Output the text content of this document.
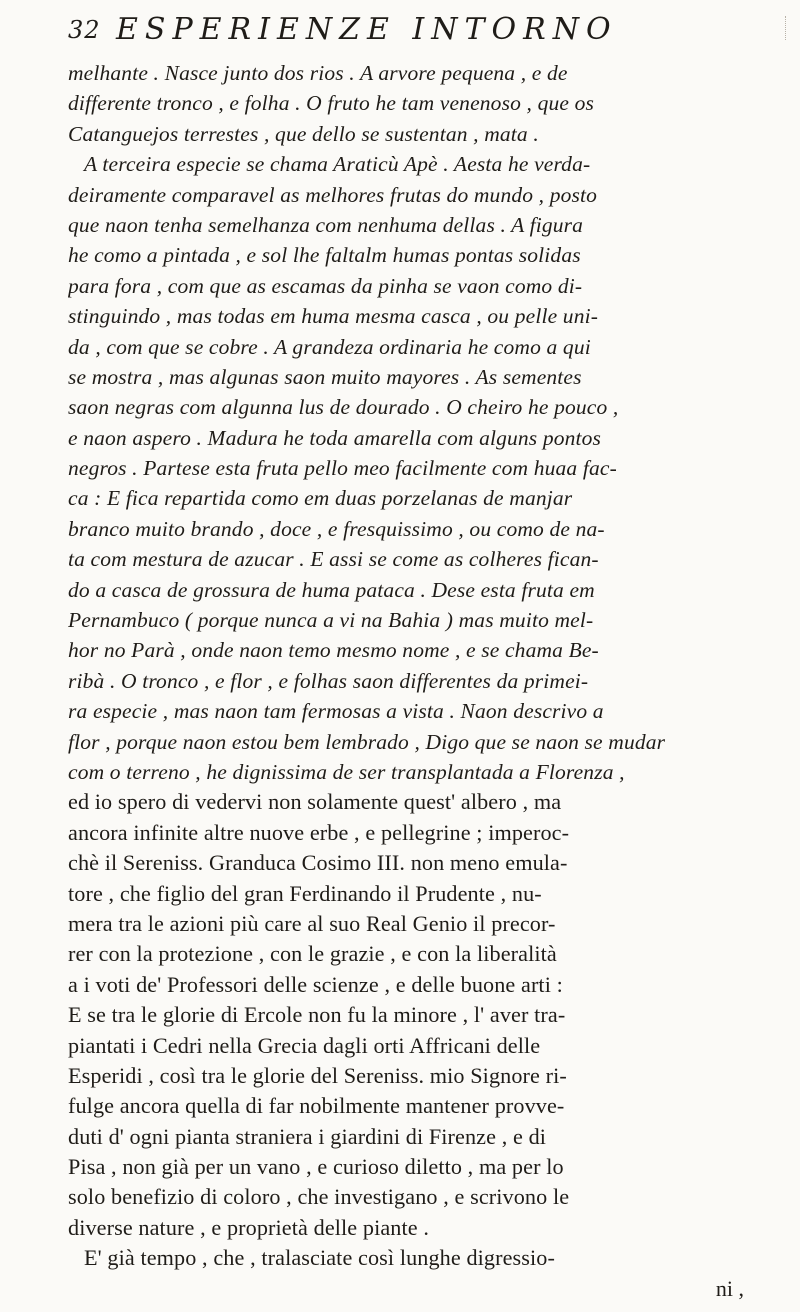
32 ESPERIENZE INTORNO
melhante . Nasce junto dos rios . A arvore pequena , e de
differente tronco , e folha . O fruto he tam venenoso , que os
Catanguejos terrestes , que dello se sustentan , mata .
A terceira especie se chama Araticù Apè . Aesta he verda-
deiramente comparavel as melhores frutas do mundo , posto
que naon tenha semelhanza com nenhuma dellas . A figura
he como a pintada , e sol lhe faltalm humas pontas solidas
para fora , com que as escamas da pinha se vaon como di-
stinguindo , mas todas em huma mesma casca , ou pelle uni-
da , com que se cobre . A grandeza ordinaria he como a qui
se mostra , mas algunas saon muito mayores . As sementes
saon negras com algunna lus de dourado . O cheiro he pouco ,
e naon aspero . Madura he toda amarella com alguns pontos
negros . Partese esta fruta pello meo facilmente com huaa fac-
ca : E fica repartida como em duas porzelanas de manjar
branco muito brando , doce , e fresquissimo , ou como de na-
ta com mestura de azucar . E assi se come as colheres fican-
do a casca de grossura de huma pataca . Dese esta fruta em
Pernambuco ( porque nunca a vi na Bahia ) mas muito mel-
hor no Parà , onde naon temo mesmo nome , e se chama Be-
ribà . O tronco , e flor , e folhas saon differentes da primei-
ra especie , mas naon tam fermosas a vista . Naon descrivo a
flor , porque naon estou bem lembrado , Digo que se naon se mudar
com o terreno , he dignissima de ser transplantada a Florenza ,
ed io spero di vedervi non solamente quest' albero , ma
ancora infinite altre nuove erbe , e pellegrine ; imperoc-
chè il Sereniss. Granduca Cosimo III. non meno emula-
tore , che figlio del gran Ferdinando il Prudente , nu-
mera tra le azioni più care al suo Real Genio il precor-
rer con la protezione , con le grazie , e con la liberalità
a i voti de' Professori delle scienze , e delle buone arti :
E se tra le glorie di Ercole non fu la minore , l' aver tra-
piantati i Cedri nella Grecia dagli orti Affricani delle
Esperidi , così tra le glorie del Sereniss. mio Signore ri-
fulge ancora quella di far nobilmente mantener provve-
duti d' ogni pianta straniera i giardini di Firenze , e di
Pisa , non già per un vano , e curioso diletto , ma per lo
solo benefizio di coloro , che investigano , e scrivono le
diverse nature , e proprietà delle piante .
E' già tempo , che , tralasciate così lunghe digressio-
ni ,
